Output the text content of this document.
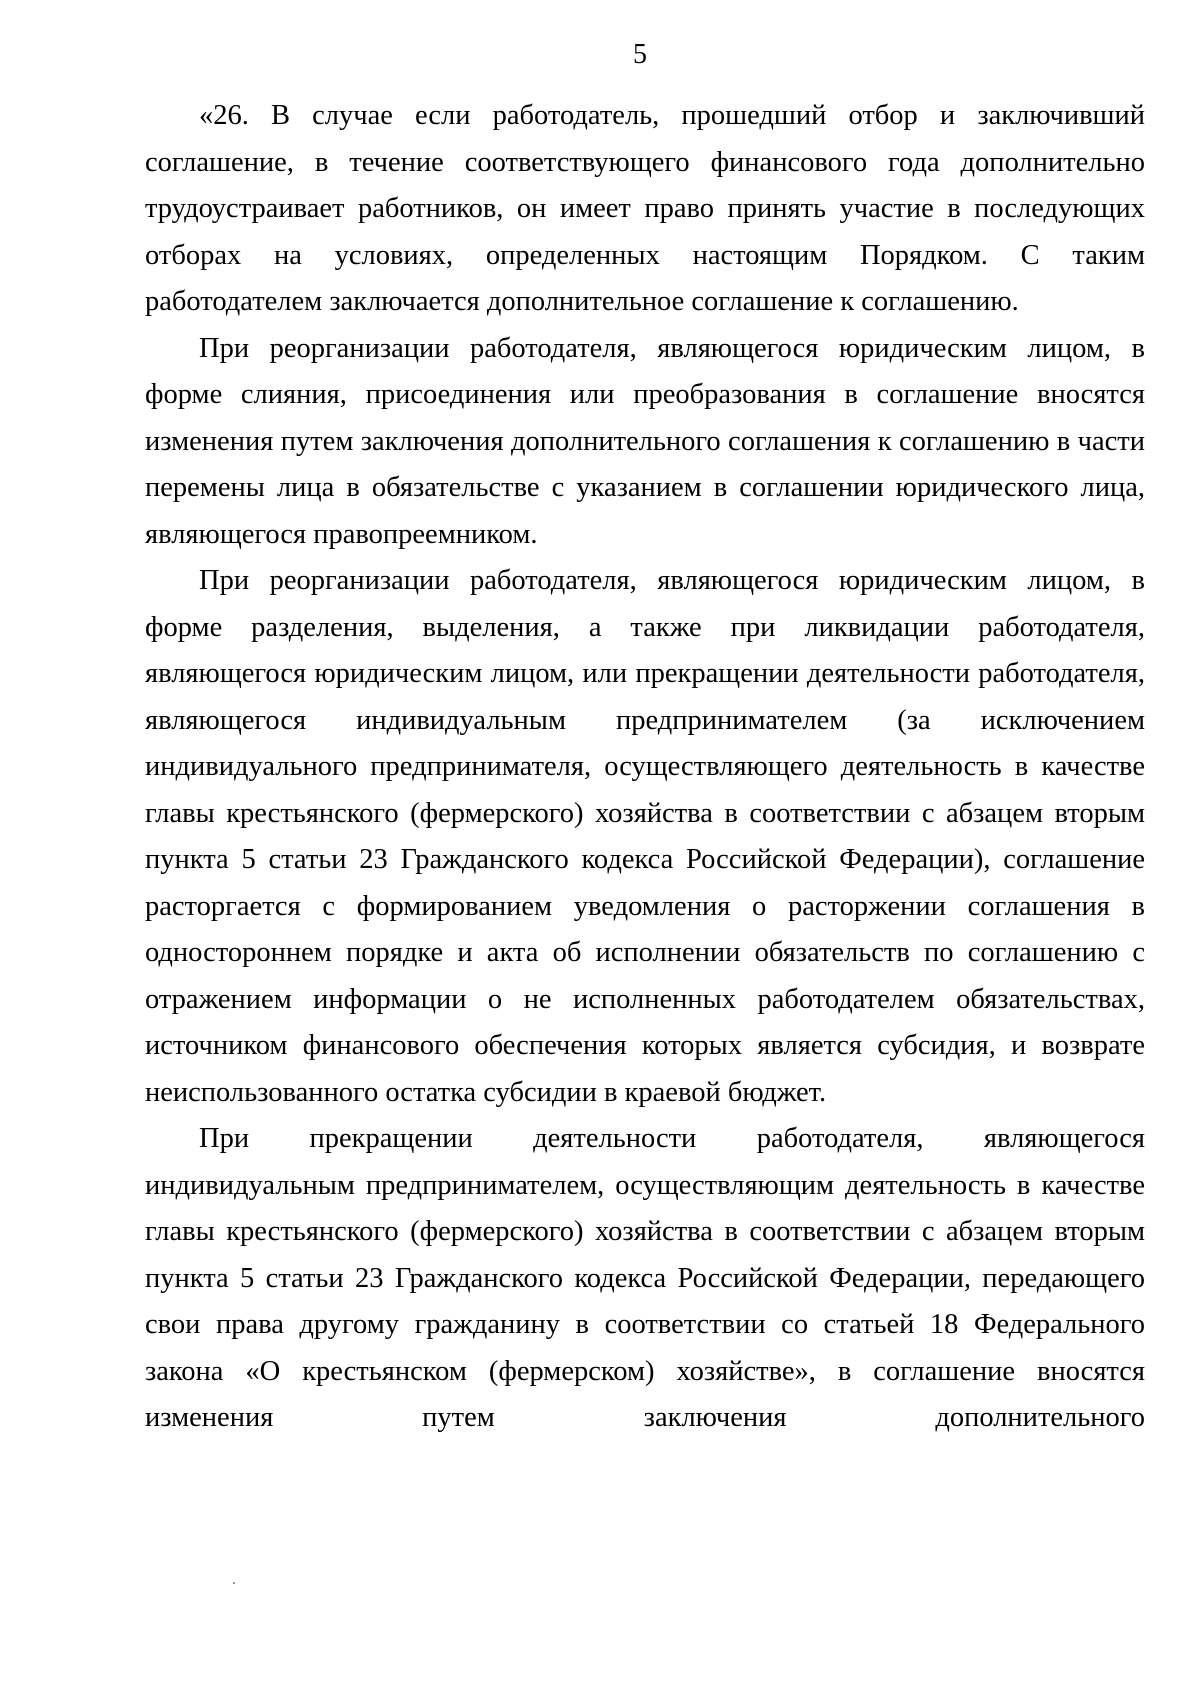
5

«26. В случае если работодатель, прошедший отбор и заключивший соглашение, в течение соответствующего финансового года дополнительно трудоустраивает работников, он имеет право принять участие в последующих отборах на условиях, определенных настоящим Порядком. С таким работодателем заключается дополнительное соглашение к соглашению.

При реорганизации работодателя, являющегося юридическим лицом, в форме слияния, присоединения или преобразования в соглашение вносятся изменения путем заключения дополнительного соглашения к соглашению в части перемены лица в обязательстве с указанием в соглашении юридического лица, являющегося правопреемником.

При реорганизации работодателя, являющегося юридическим лицом, в форме разделения, выделения, а также при ликвидации работодателя, являющегося юридическим лицом, или прекращении деятельности работодателя, являющегося индивидуальным предпринимателем (за исключением индивидуального предпринимателя, осуществляющего деятельность в качестве главы крестьянского (фермерского) хозяйства в соответствии с абзацем вторым пункта 5 статьи 23 Гражданского кодекса Российской Федерации), соглашение расторгается с формированием уведомления о расторжении соглашения в одностороннем порядке и акта об исполнении обязательств по соглашению с отражением информации о не исполненных работодателем обязательствах, источником финансового обеспечения которых является субсидия, и возврате неиспользованного остатка субсидии в краевой бюджет.

При прекращении деятельности работодателя, являющегося индивидуальным предпринимателем, осуществляющим деятельность в качестве главы крестьянского (фермерского) хозяйства в соответствии с абзацем вторым пункта 5 статьи 23 Гражданского кодекса Российской Федерации, передающего свои права другому гражданину в соответствии со статьей 18 Федерального закона «О крестьянском (фермерском) хозяйстве», в соглашение вносятся изменения путем заключения дополнительного
